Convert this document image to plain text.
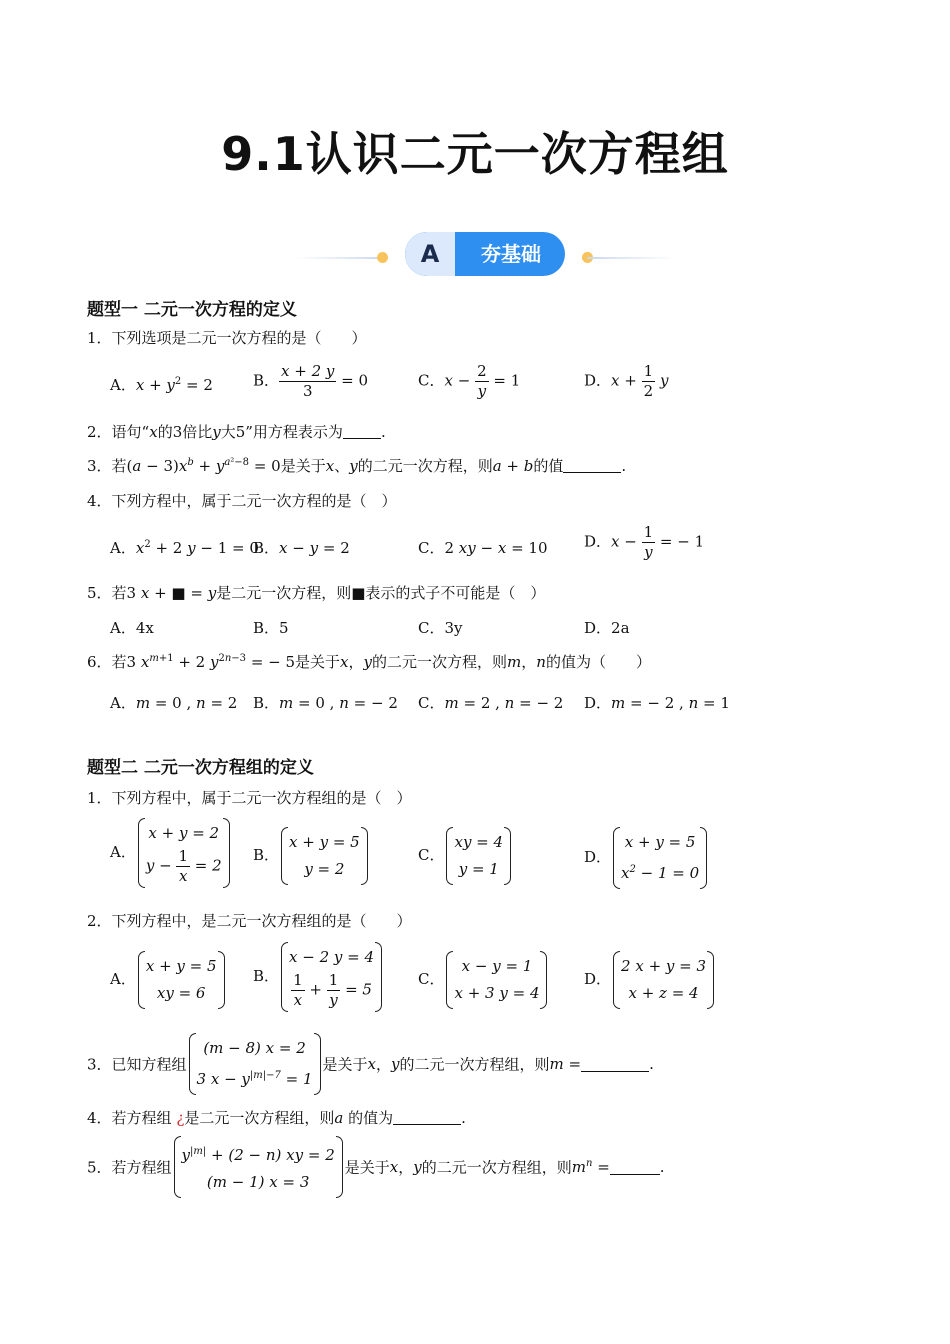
9.1认识二元一次方程组
A	夯基础
题型一 二元一次方程的定义
1．下列选项是二元一次方程的是（　　）
A．$x + y^2 = 2$	B． $\frac{x + 2 y}{3} = 0$	C．$x - \frac{2}{y} = 1$	D．$x + \frac{1}{2}$ y
2．语句“x的3倍比y大5”用方程表示为	.
3．若$(a - 3)x^b + y^{a^2-8} = 0$是关于x、y的二元一次方程，则a + b的值	.
4．下列方程中，属于二元一次方程的是（　）
A．$x^2 + 2$ y − 1 = 0
B．x − y = 2	C．2 xy − x = 10 D．$x - \frac{1}{y}$ = − 1
5．若3 x + ■ = y是二元一次方程，则■表示的式子不可能是（　）
A．4x	B．5	C．3y	D．2a
6．若3 $x^{m+1} + 2$ $y^{2n-3}$ = − 5是关于x，y的二元一次方程，则m，n的值为（　　）
A．m = 0 , n = 2 B．m = 0 , n = − 2 C．m = 2 , n = − 2 D．m = − 2 , n = 1
题型二 二元一次方程组的定义
1．下列方程中，属于二元一次方程组的是（　）
A．
x + y = 2
$y - \frac{1}{x} = 2$
B．
x + y = 5
y = 2
C．
xy = 4
y = 1
D．
x + y = 5
$x^2 - 1 = 0$
2．下列方程中，是二元一次方程组的是（　　）
A．
x + y = 5
xy = 6
B．
x − 2 y = 4
$\frac{1}{x} + \frac{1}{y} = 5$
C．
x − y = 1
x + 3 y = 4
D．
2 x + y = 3
x + z = 4
3．已知方程组
(m − 8) x = 2
3 $x - y^{|m|-7} = 1$
是关于x，y的二元一次方程组，则m =	.
4．若方程组 ¿是二元一次方程组，则a 的值为	.
5．若方程组
$y^{|m|} + (2 - n)$ xy = 2
(m − 1) x = 3
是关于x，y的二元一次方程组，则$m^n$ =	.
